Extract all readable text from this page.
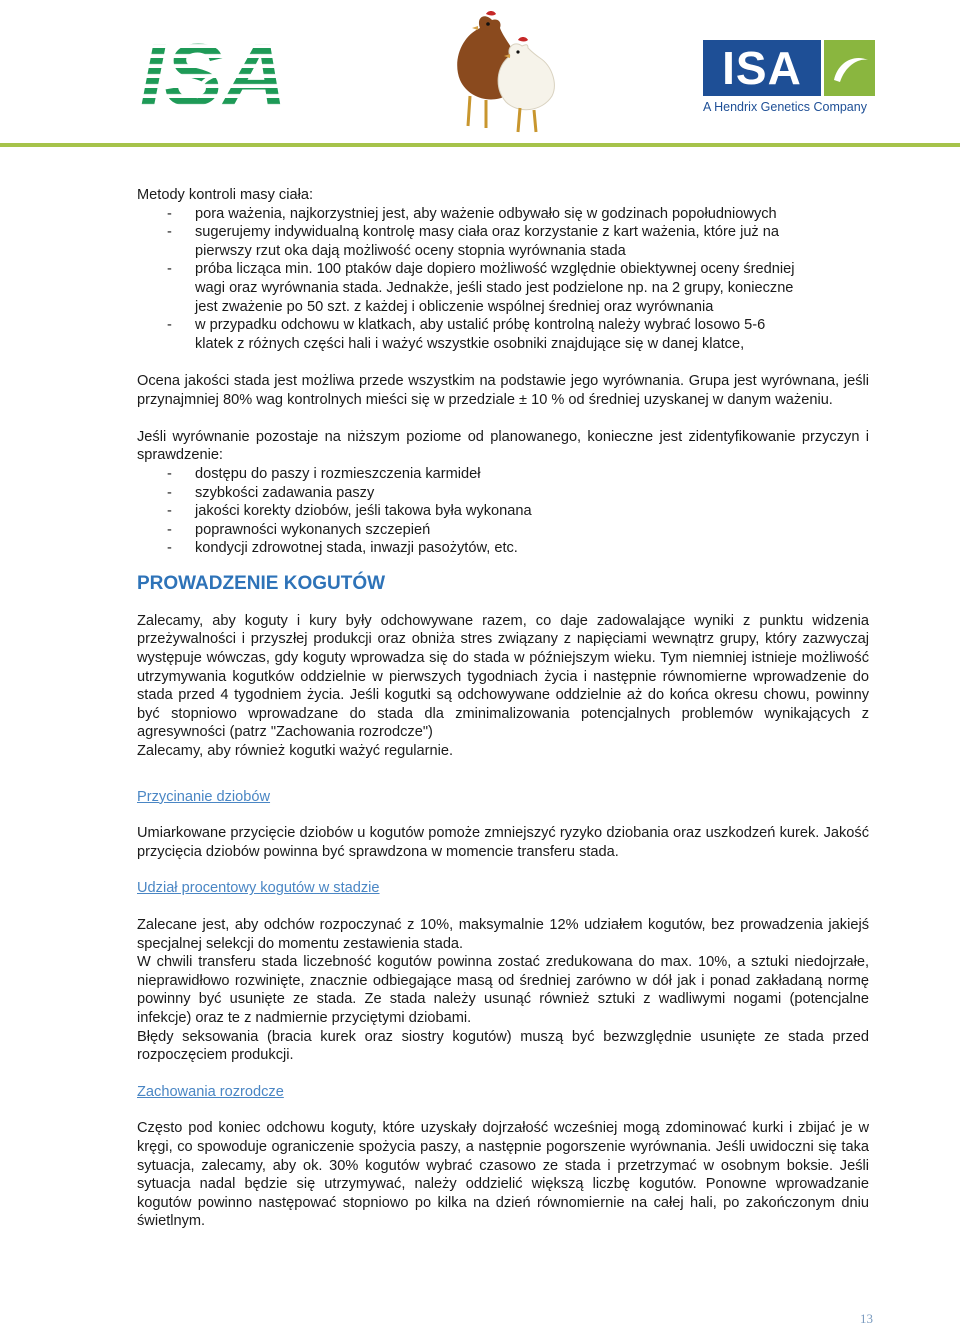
ISA	ISA
A Hendrix Genetics Company

Metody kontroli masy ciała:

- pora ważenia, najkorzystniej jest, aby ważenie odbywało się w godzinach popołudniowych
- sugerujemy indywidualną kontrolę masy ciała oraz korzystanie z kart ważenia, które już na
pierwszy rzut oka dają możliwość oceny stopnia wyrównania stada
- próba licząca min. 100 ptaków daje dopiero możliwość względnie obiektywnej oceny średniej
wagi oraz wyrównania stada. Jednakże, jeśli stado jest podzielone np. na 2 grupy, konieczne
jest zważenie po 50 szt. z każdej i obliczenie wspólnej średniej oraz wyrównania
- w przypadku odchowu w klatkach, aby ustalić próbę kontrolną należy wybrać losowo 5-6
klatek z różnych części hali i ważyć wszystkie osobniki znajdujące się w danej klatce,

Ocena jakości stada jest możliwa przede wszystkim na podstawie jego wyrównania. Grupa jest wyrównana, jeśli przynajmniej 80% wag kontrolnych mieści się w przedziale ± 10 % od średniej uzyskanej w danym ważeniu.

Jeśli wyrównanie pozostaje na niższym poziome od planowanego, konieczne jest zidentyfikowanie przyczyn i sprawdzenie:

- dostępu do paszy i rozmieszczenia karmideł
- szybkości zadawania paszy
- jakości korekty dziobów, jeśli takowa była wykonana
- poprawności wykonanych szczepień
- kondycji zdrowotnej stada, inwazji pasożytów, etc.
PROWADZENIE KOGUTÓW

Zalecamy, aby koguty i kury były odchowywane razem, co daje zadowalające wyniki z punktu widzenia przeżywalności i przyszłej produkcji oraz obniża stres związany z napięciami wewnątrz grupy, który zazwyczaj występuje wówczas, gdy koguty wprowadza się do stada w późniejszym wieku. Tym niemniej istnieje możliwość utrzymywania kogutków oddzielnie w pierwszych tygodniach życia i następnie równomierne wprowadzenie do stada przed 4 tygodniem życia. Jeśli kogutki są odchowywane oddzielnie aż do końca okresu chowu, powinny być stopniowo wprowadzane do stada dla zminimalizowania potencjalnych problemów wynikających z agresywności (patrz "Zachowania rozrodcze")

Zalecamy, aby również kogutki ważyć regularnie.

Przycinanie dziobów

Umiarkowane przycięcie dziobów u kogutów pomoże zmniejszyć ryzyko dziobania oraz uszkodzeń kurek. Jakość przycięcia dziobów powinna być sprawdzona w momencie transferu stada.

Udział procentowy kogutów w stadzie

Zalecane jest, aby odchów rozpoczynać z 10%, maksymalnie 12% udziałem kogutów, bez prowadzenia jakiejś specjalnej selekcji do momentu zestawienia stada.

W chwili transferu stada liczebność kogutów powinna zostać zredukowana do max. 10%, a sztuki niedojrzałe, nieprawidłowo rozwinięte, znacznie odbiegające masą od średniej zarówno w dół jak i ponad zakładaną normę powinny być usunięte ze stada. Ze stada należy usunąć również sztuki z wadliwymi nogami (potencjalne infekcje) oraz te z nadmiernie przyciętymi dziobami.

Błędy seksowania (bracia kurek oraz siostry kogutów) muszą być bezwzględnie usunięte ze stada przed rozpoczęciem produkcji.

Zachowania rozrodcze

Często pod koniec odchowu koguty, które uzyskały dojrzałość wcześniej mogą zdominować kurki i zbijać je w kręgi, co spowoduje ograniczenie spożycia paszy, a następnie pogorszenie wyrównania. Jeśli uwidoczni się taka sytuacja, zalecamy, aby ok. 30% kogutów wybrać czasowo ze stada i przetrzymać w osobnym boksie. Jeśli sytuacja nadal będzie się utrzymywać, należy oddzielić większą liczbę kogutów. Ponowne wprowadzanie kogutów powinno następować stopniowo po kilka na dzień równomiernie na całej hali, po zakończonym dniu świetlnym.

13
